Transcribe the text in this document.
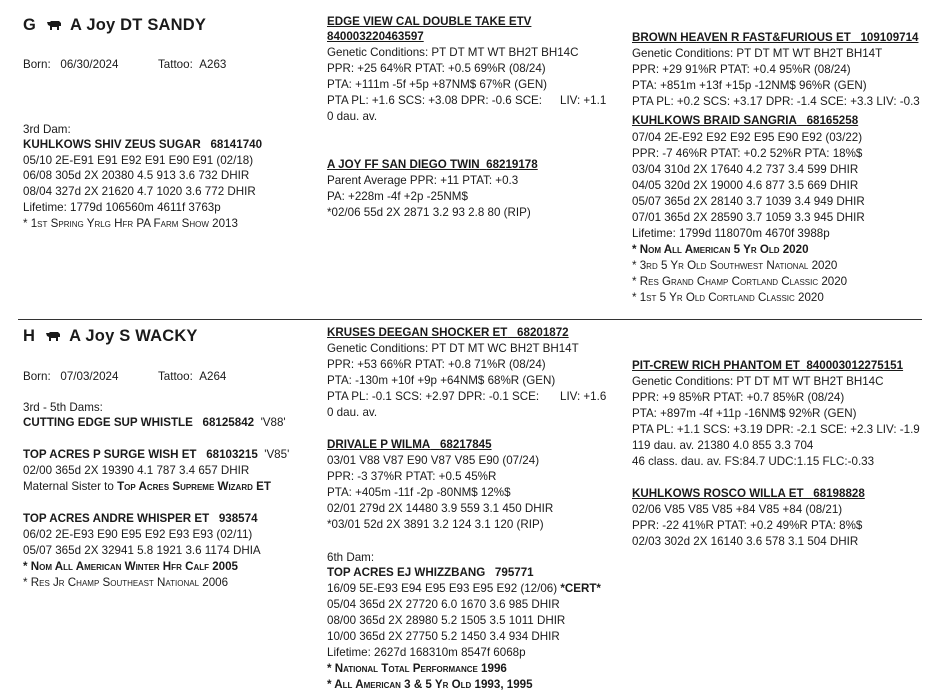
G A Joy DT SANDY
Born: 06/30/2024	Tattoo: A263
3rd Dam:
KUHLKOWS SHIV ZEUS SUGAR 68141740
05/10 2E-E91 E91 E92 E91 E90 E91 (02/18)
06/08 305d 2X 20380 4.5 913 3.6 732 DHIR
08/04 327d 2X 21620 4.7 1020 3.6 772 DHIR
Lifetime: 1779d 106560m 4611f 3763p
* 1st Spring Yrlg Hfr PA Farm Show 2013
EDGE VIEW CAL DOUBLE TAKE ETV
840003220463597
Genetic Conditions: PT DT MT WT BH2T BH14C
PPR: +25 64%R PTAT: +0.5 69%R (08/24)
PTA: +111m -5f +5p +87NM$ 67%R (GEN)
PTA PL: +1.6 SCS: +3.08 DPR: -0.6 SCE: LIV: +1.1
0 dau. av.
A JOY FF SAN DIEGO TWIN 68219178
Parent Average PPR: +11 PTAT: +0.3
PA: +228m -4f +2p -25NM$
*02/06 55d 2X 2871 3.2 93 2.8 80 (RIP)
BROWN HEAVEN R FAST&FURIOUS ET 109109714
Genetic Conditions: PT DT MT WT BH2T BH14T
PPR: +29 91%R PTAT: +0.4 95%R (08/24)
PTA: +851m +13f +15p -12NM$ 96%R (GEN)
PTA PL: +0.2 SCS: +3.17 DPR: -1.4 SCE: +3.3 LIV: -0.3
KUHLKOWS BRAID SANGRIA 68165258
07/04 2E-E92 E92 E92 E95 E90 E92 (03/22)
PPR: -7 46%R PTAT: +0.2 52%R PTA: 18%$
03/04 310d 2X 17640 4.2 737 3.4 599 DHIR
04/05 320d 2X 19000 4.6 877 3.5 669 DHIR
05/07 365d 2X 28140 3.7 1039 3.4 949 DHIR
07/01 365d 2X 28590 3.7 1059 3.3 945 DHIR
Lifetime: 1799d 118070m 4670f 3988p
* Nom All American 5 Yr Old 2020
* 3rd 5 Yr Old Southwest National 2020
* Res Grand Champ Cortland Classic 2020
* 1st 5 Yr Old Cortland Classic 2020
H A Joy S WACKY
Born: 07/03/2024	Tattoo: A264
3rd - 5th Dams:
CUTTING EDGE SUP WHISTLE 68125842 'V88'
TOP ACRES P SURGE WISH ET 68103215 'V85'
02/00 365d 2X 19390 4.1 787 3.4 657 DHIR
Maternal Sister to Top Acres Supreme Wizard ET
TOP ACRES ANDRE WHISPER ET 938574
06/02 2E-E93 E90 E95 E92 E93 E93 (02/11)
05/07 365d 2X 32941 5.8 1921 3.6 1174 DHIA
* Nom All American Winter Hfr Calf 2005
* Res Jr Champ Southeast National 2006
KRUSES DEEGAN SHOCKER ET 68201872
Genetic Conditions: PT DT MT WC BH2T BH14T
PPR: +53 66%R PTAT: +0.8 71%R (08/24)
PTA: -130m +10f +9p +64NM$ 68%R (GEN)
PTA PL: -0.1 SCS: +2.97 DPR: -0.1 SCE: LIV: +1.6
0 dau. av.
DRIVALE P WILMA 68217845
03/01 V88 V87 E90 V87 V85 E90 (07/24)
PPR: -3 37%R PTAT: +0.5 45%R
PTA: +405m -11f -2p -80NM$ 12%$
02/01 279d 2X 14480 3.9 559 3.1 450 DHIR
*03/01 52d 2X 3891 3.2 124 3.1 120 (RIP)
6th Dam:
TOP ACRES EJ WHIZZBANG 795771
16/09 5E-E93 E94 E95 E93 E95 E92 (12/06) *CERT*
05/04 365d 2X 27720 6.0 1670 3.6 985 DHIR
08/00 365d 2X 28980 5.2 1505 3.5 1011 DHIR
10/00 365d 2X 27750 5.2 1450 3.4 934 DHIR
Lifetime: 2627d 168310m 8547f 6068p
* National Total Performance 1996
* All American 3 & 5 Yr Old 1993, 1995
PIT-CREW RICH PHANTOM ET 840003012275151
Genetic Conditions: PT DT MT WT BH2T BH14C
PPR: +9 85%R PTAT: +0.7 85%R (08/24)
PTA: +897m -4f +11p -16NM$ 92%R (GEN)
PTA PL: +1.1 SCS: +3.19 DPR: -2.1 SCE: +2.3 LIV: -1.9
119 dau. av. 21380 4.0 855 3.3 704
46 class. dau. av. FS:84.7 UDC:1.15 FLC:-0.33
KUHLKOWS ROSCO WILLA ET 68198828
02/06 V85 V85 V85 +84 V85 +84 (08/21)
PPR: -22 41%R PTAT: +0.2 49%R PTA: 8%$
02/03 302d 2X 16140 3.6 578 3.1 504 DHIR
